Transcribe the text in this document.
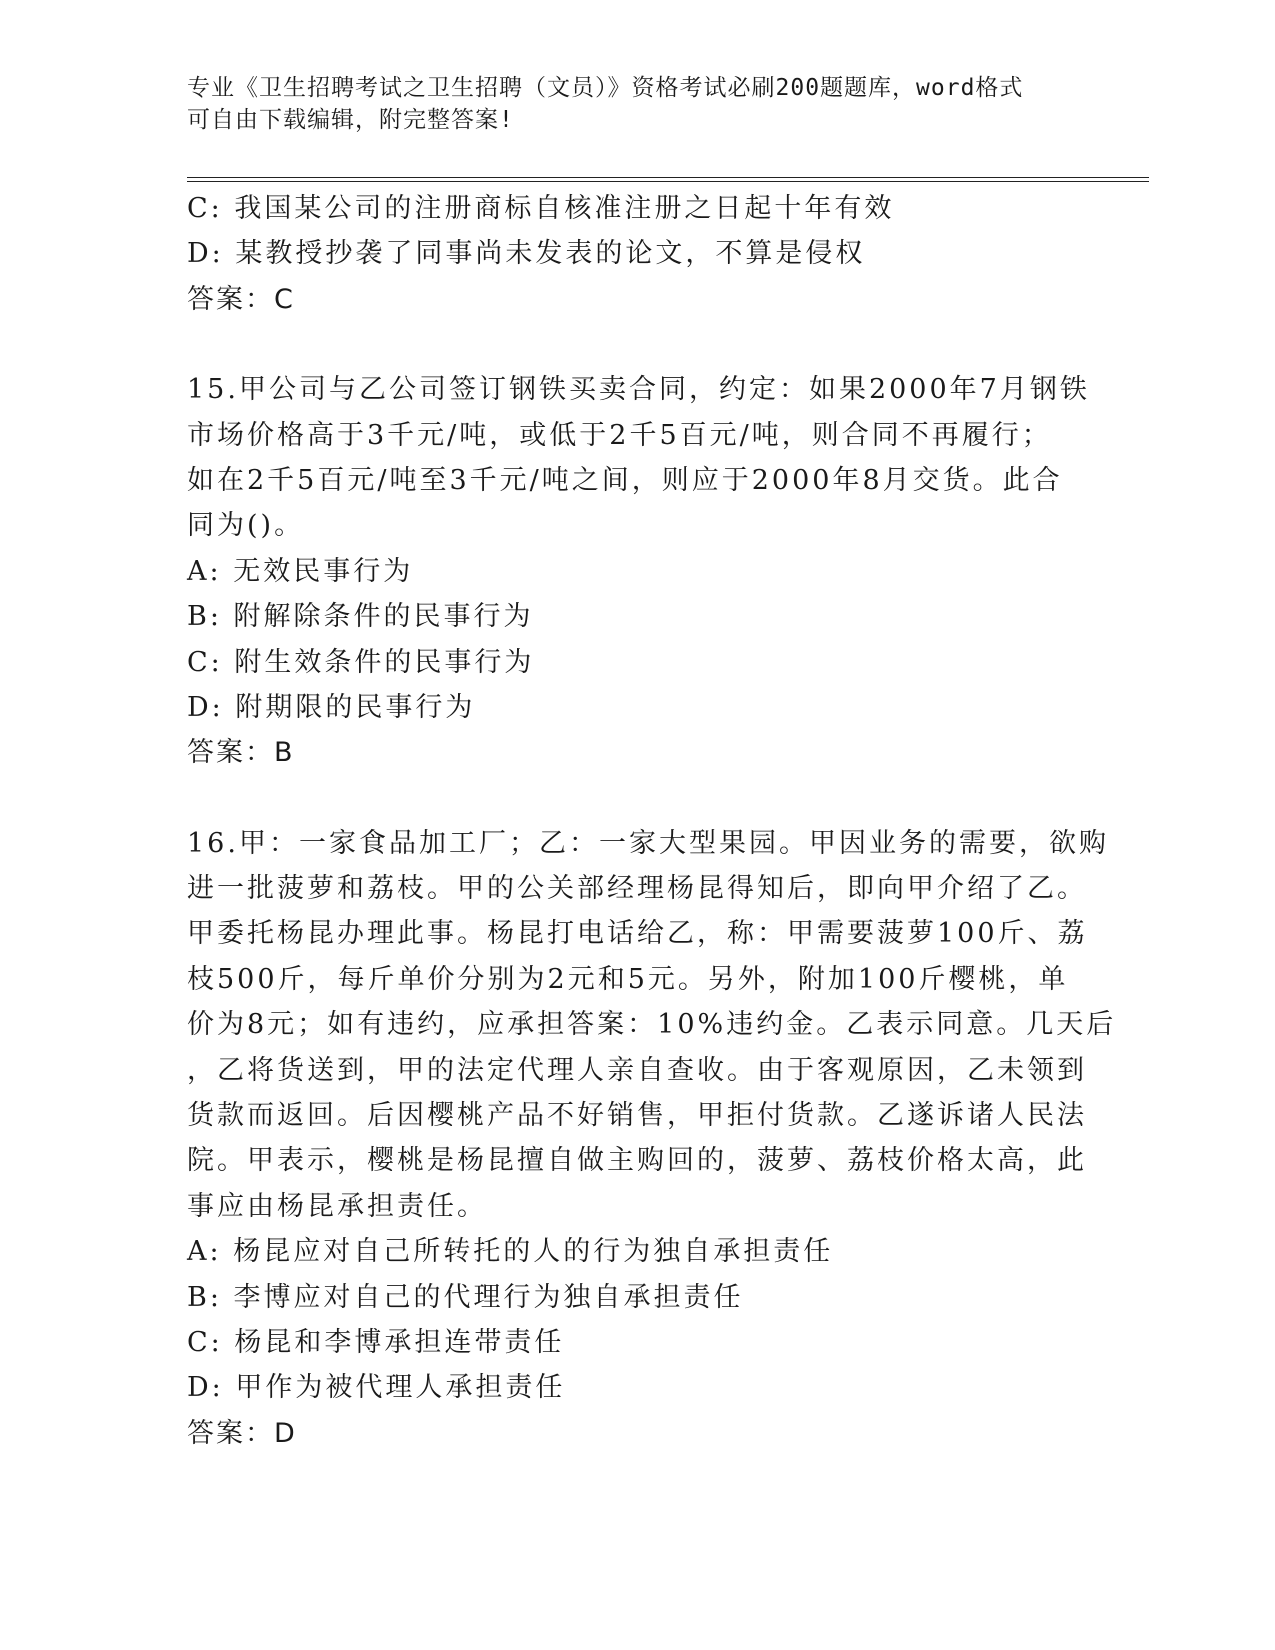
专业《卫生招聘考试之卫生招聘（文员）》资格考试必刷200题题库，word格式
可自由下载编辑，附完整答案!
C: 我国某公司的注册商标自核准注册之日起十年有效
D: 某教授抄袭了同事尚未发表的论文，不算是侵权
答案：C
15.甲公司与乙公司签订钢铁买卖合同，约定：如果2000年7月钢铁
市场价格高于3千元/吨，或低于2千5百元/吨，则合同不再履行；
如在2千5百元/吨至3千元/吨之间，则应于2000年8月交货。此合
同为()。
A: 无效民事行为
B: 附解除条件的民事行为
C: 附生效条件的民事行为
D: 附期限的民事行为
答案：B
16.甲：一家食品加工厂；乙：一家大型果园。甲因业务的需要，欲购
进一批菠萝和荔枝。甲的公关部经理杨昆得知后，即向甲介绍了乙。
甲委托杨昆办理此事。杨昆打电话给乙，称：甲需要菠萝100斤、荔
枝500斤，每斤单价分别为2元和5元。另外，附加100斤樱桃，单
价为8元；如有违约，应承担答案：10%违约金。乙表示同意。几天后
，乙将货送到，甲的法定代理人亲自查收。由于客观原因，乙未领到
货款而返回。后因樱桃产品不好销售，甲拒付货款。乙遂诉诸人民法
院。甲表示，樱桃是杨昆擅自做主购回的，菠萝、荔枝价格太高，此
事应由杨昆承担责任。
A: 杨昆应对自己所转托的人的行为独自承担责任
B: 李博应对自己的代理行为独自承担责任
C: 杨昆和李博承担连带责任
D: 甲作为被代理人承担责任
答案：D
